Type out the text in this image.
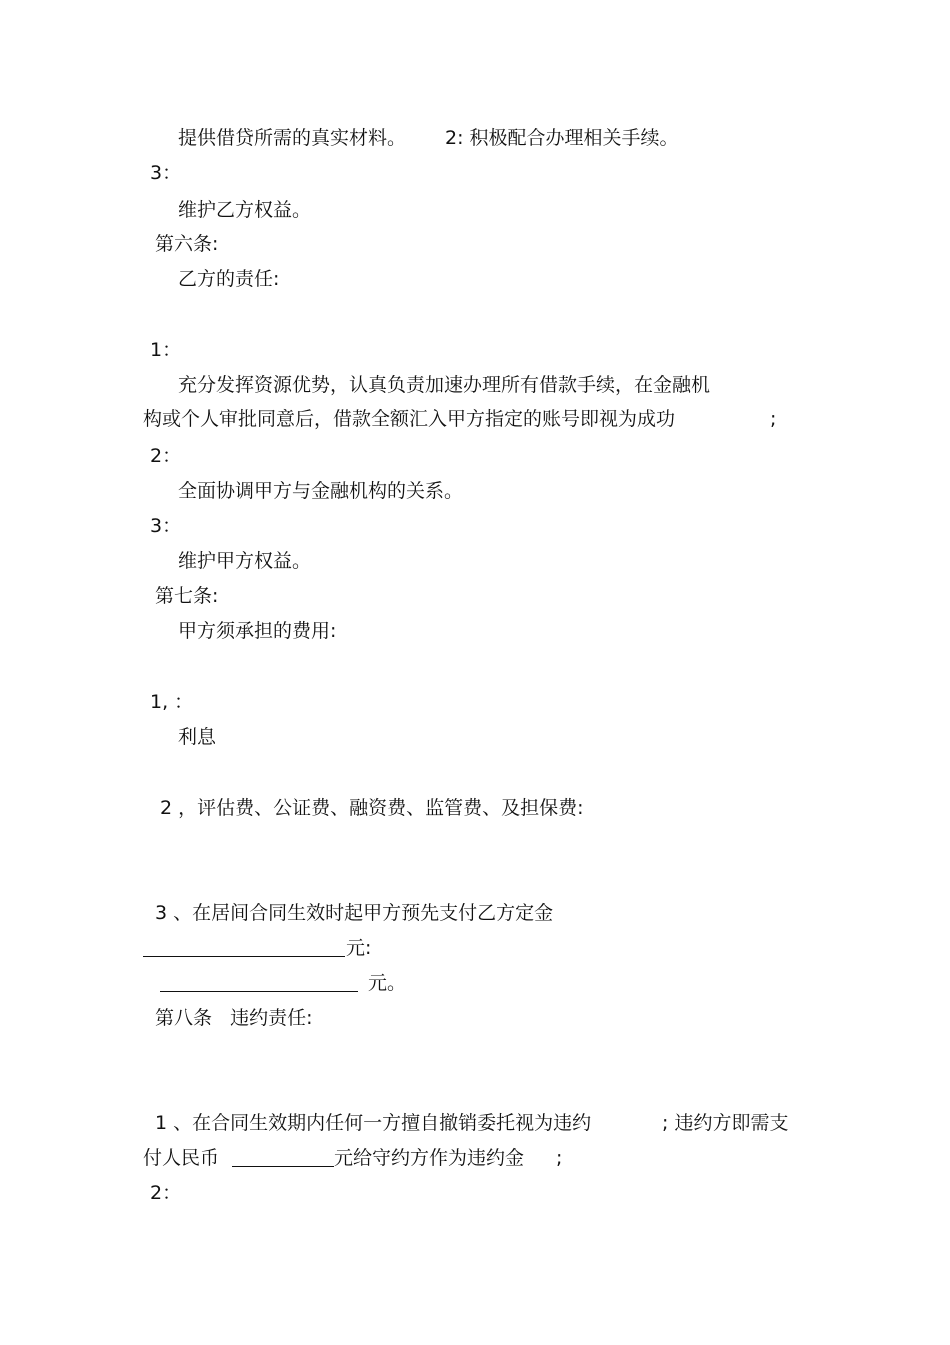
提供借贷所需的真实材料。 2: 积极配合办理相关手续。
3：
维护乙方权益。
第六条:
乙方的责任:
1：
充分发挥资源优势，认真负责加速办理所有借款手续，在金融机
构或个人审批同意后，借款全额汇入甲方指定的账号即视为成功	;
2：
全面协调甲方与金融机构的关系。
3：
维护甲方权益。
第七条:
甲方须承担的费用:
1, ：
利息
2 ，评估费、公证费、融资费、监管费、及担保费:
3 、在居间合同生效时起甲方预先支付乙方定金
元:
元。
第八条   违约责任:
1 、在合同生效期内任何一方擅自撤销委托视为违约	; 违约方即需支
付人民币	元给守约方作为违约金 ;
2：
